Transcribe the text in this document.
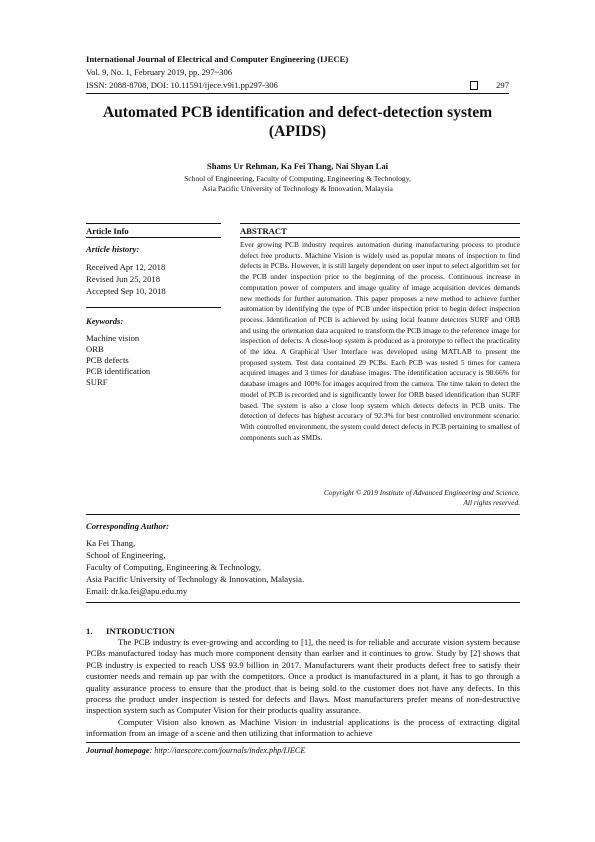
International Journal of Electrical and Computer Engineering (IJECE)
Vol. 9, No. 1, February 2019, pp. 297~306
ISSN: 2088-8708, DOI: 10.11591/ijece.v9i1.pp297-306	297
Automated PCB identification and defect-detection system (APIDS)
Shams Ur Rehman, Ka Fei Thang, Nai Shyan Lai
School of Engineering, Faculty of Computing, Engineering & Technology,
Asia Pacific University of Technology & Innovation, Malaysia
Article Info	ABSTRACT
Article history:
Received Apr 12, 2018
Revised Jun 25, 2018
Accepted Sep 10, 2018
Keywords:
Machine vision
ORB
PCB defects
PCB identification
SURF
Ever growing PCB industry requires automation during manufacturing process to produce defect free products. Machine Vision is widely used as popular means of inspection to find defects in PCBs. However, it is still largely dependent on user input to select algorithm set for the PCB under inspection prior to the beginning of the process. Continuous increase in computation power of computers and image quality of image acquisition devices demands new methods for further automation. This paper proposes a new method to achieve further automation by identifying the type of PCB under inspection prior to begin defect inspection process. Identification of PCB is achieved by using local feature detectors SURF and ORB and using the orientation data acquired to transform the PCB image to the reference image for inspection of defects. A close-loop system is produced as a prototype to reflect the practicality of the idea. A Graphical User Interface was developed using MATLAB to present the proposed system. Test data contained 29 PCBs. Each PCB was tested 5 times for camera acquired images and 3 times for database images. The identification accuracy is 98.66% for database images and 100% for images acquired from the camera. The time taken to detect the model of PCB is recorded and is significantly lower for ORB based identification than SURF based. The system is also a close loop system which detects defects in PCB units. The detection of defects has highest accuracy of 92.3% for best controlled environment scenario. With controlled environment, the system could detect defects in PCB pertaining to smallest of components such as SMDs.
Copyright © 2019 Institute of Advanced Engineering and Science.
All rights reserved.
Corresponding Author:
Ka Fei Thang,
School of Engineering,
Faculty of Computing, Engineering & Technology,
Asia Pacific University of Technology & Innovation, Malaysia.
Email: dr.ka.fei@apu.edu.my
1. INTRODUCTION

The PCB industry is ever-growing and according to [1], the need is for reliable and accurate vision system because PCBs manufactured today has much more component density than earlier and it continues to grow. Study by [2] shows that PCB industry is expected to reach US$ 93.9 billion in 2017. Manufacturers want their products defect free to satisfy their customer needs and remain up par with the competitors. Once a product is manufactured in a plant, it has to go through a quality assurance process to ensure that the product that is being sold to the customer does not have any defects. In this process the product under inspection is tested for defects and flaws. Most manufacturers prefer means of non-destructive inspection system such as Computer Vision for their products quality assurance.

Computer Vision also known as Machine Vision in industrial applications is the process of extracting digital information from an image of a scene and then utilizing that information to achieve

Journal homepage: http://iaescore.com/journals/index.php/IJECE
